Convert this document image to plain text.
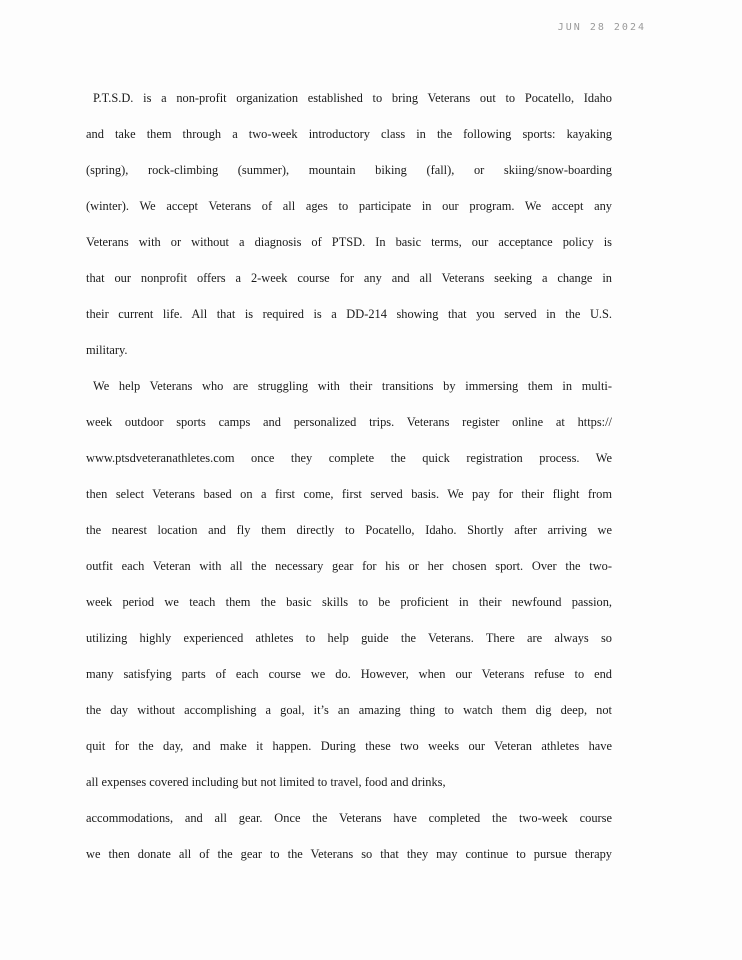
JUN 28 2024
P.T.S.D. is a non-profit organization established to bring Veterans out to Pocatello, Idaho
and take them through a two-week introductory class in the following sports: kayaking
(spring), rock-climbing (summer), mountain biking (fall), or skiing/snow-boarding
(winter). We accept Veterans of all ages to participate in our program. We accept any
Veterans with or without a diagnosis of PTSD. In basic terms, our acceptance policy is
that our nonprofit offers a 2-week course for any and all Veterans seeking a change in
their current life. All that is required is a DD-214 showing that you served in the U.S.
military.
We help Veterans who are struggling with their transitions by immersing them in multi-
week outdoor sports camps and personalized trips. Veterans register online at https://
www.ptsdveteranathletes.com once they complete the quick registration process. We
then select Veterans based on a first come, first served basis. We pay for their flight from
the nearest location and fly them directly to Pocatello, Idaho. Shortly after arriving we
outfit each Veteran with all the necessary gear for his or her chosen sport. Over the two-
week period we teach them the basic skills to be proficient in their newfound passion,
utilizing highly experienced athletes to help guide the Veterans. There are always so
many satisfying parts of each course we do. However, when our Veterans refuse to end
the day without accomplishing a goal, it’s an amazing thing to watch them dig deep, not
quit for the day, and make it happen. During these two weeks our Veteran athletes have
all expenses covered including but not limited to travel, food and drinks,
accommodations, and all gear. Once the Veterans have completed the two-week course
we then donate all of the gear to the Veterans so that they may continue to pursue therapy
